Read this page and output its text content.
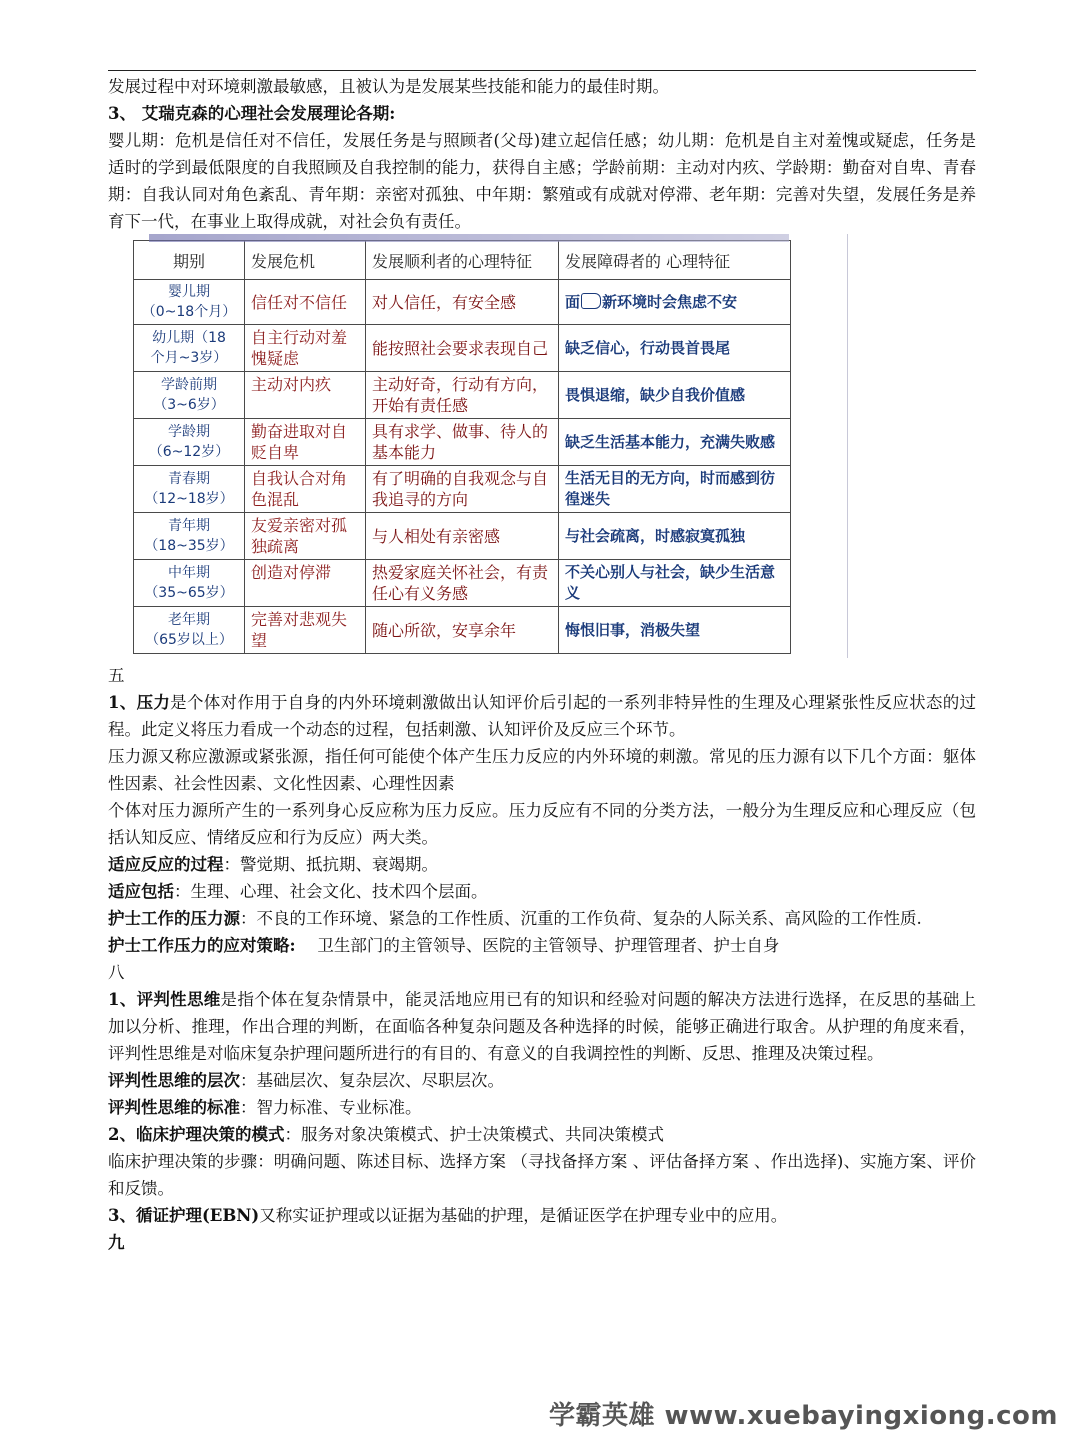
发展过程中对环境刺激最敏感，且被认为是发展某些技能和能力的最佳时期。

3、 艾瑞克森的心理社会发展理论各期:

婴儿期：危机是信任对不信任，发展任务是与照顾者(父母)建立起信任感；幼儿期：危机是自主对羞愧或疑虑，任务是适时的学到最低限度的自我照顾及自我控制的能力，获得自主感；学龄前期：主动对内疚、学龄期：勤奋对自卑、青春期：自我认同对角色紊乱、青年期：亲密对孤独、中年期：繁殖或有成就对停滞、老年期：完善对失望，发展任务是养育下一代，在事业上取得成就，对社会负有责任。

期别	发展危机	发展顺利者的心理特征	发展障碍者的 心理特征
婴儿期
（0~18个月）	信任对不信任	对人信任，有安全感	面 新环境时会焦虑不安
幼儿期（18
个月~3岁）	自主行动对羞愧疑虑	能按照社会要求表现自己	缺乏信心，行动畏首畏尾
学龄前期
（3~6岁）	主动对内疚	主动好奇，行动有方向，开始有责任感	畏惧退缩，缺少自我价值感
学龄期
（6~12岁）	勤奋进取对自贬自卑	具有求学、做事、待人的基本能力	缺乏生活基本能力，充满失败感
青春期
（12~18岁）	自我认合对角色混乱	有了明确的自我观念与自我追寻的方向	生活无目的无方向，时而感到彷徨迷失
青年期
（18~35岁）	友爱亲密对孤独疏离	与人相处有亲密感	与社会疏离，时感寂寞孤独
中年期
（35~65岁）	创造对停滞	热爱家庭关怀社会，有责任心有义务感	不关心别人与社会，缺少生活意义
老年期
（65岁以上）	完善对悲观失望	随心所欲，安享余年	悔恨旧事，消极失望

五

1、压力是个体对作用于自身的内外环境刺激做出认知评价后引起的一系列非特异性的生理及心理紧张性反应状态的过程。此定义将压力看成一个动态的过程，包括刺激、认知评价及反应三个环节。

压力源又称应激源或紧张源，指任何可能使个体产生压力反应的内外环境的刺激。常见的压力源有以下几个方面：躯体性因素、社会性因素、文化性因素、心理性因素

个体对压力源所产生的一系列身心反应称为压力反应。压力反应有不同的分类方法，一般分为生理反应和心理反应（包括认知反应、情绪反应和行为反应）两大类。

适应反应的过程：警觉期、抵抗期、衰竭期。

适应包括：生理、心理、社会文化、技术四个层面。

护士工作的压力源：不良的工作环境、紧急的工作性质、沉重的工作负荷、复杂的人际关系、高风险的工作性质.

护士工作压力的应对策略:　 卫生部门的主管领导、医院的主管领导、护理管理者、护士自身

八

1、评判性思维是指个体在复杂情景中，能灵活地应用已有的知识和经验对问题的解决方法进行选择，在反思的基础上加以分析、推理，作出合理的判断，在面临各种复杂问题及各种选择的时候，能够正确进行取舍。从护理的角度来看，评判性思维是对临床复杂护理问题所进行的有目的、有意义的自我调控性的判断、反思、推理及决策过程。

评判性思维的层次：基础层次、复杂层次、尽职层次。

评判性思维的标准：智力标准、专业标准。

2、临床护理决策的模式：服务对象决策模式、护士决策模式、共同决策模式

临床护理决策的步骤：明确问题、陈述目标、选择方案 （寻找备择方案 、评估备择方案 、作出选择)、实施方案、评价和反馈。

3、循证护理(EBN)又称实证护理或以证据为基础的护理，是循证医学在护理专业中的应用。

九

学霸英雄 www.xuebayingxiong.com
